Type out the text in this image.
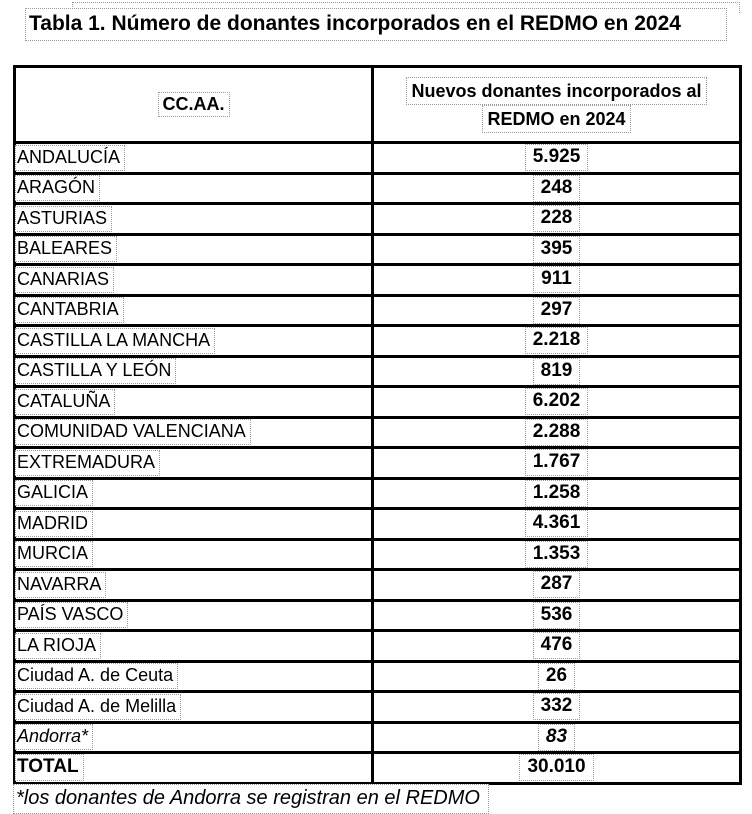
Tabla 1. Número de donantes incorporados en el REDMO en 2024
CC.AA.	Nuevos donantes incorporados al
REDMO en 2024

ANDALUCÍA	5.925
ARAGÓN	248
ASTURIAS	228
BALEARES	395
CANARIAS	911
CANTABRIA	297
CASTILLA LA MANCHA	2.218
CASTILLA Y LEÓN	819
CATALUÑA	6.202
COMUNIDAD VALENCIANA	2.288
EXTREMADURA	1.767
GALICIA	1.258
MADRID	4.361
MURCIA	1.353
NAVARRA	287
PAÍS VASCO	536
LA RIOJA	476
Ciudad A. de Ceuta	26
Ciudad A. de Melilla	332
Andorra*	83
TOTAL	30.010
*los donantes de Andorra se registran en el REDMO
